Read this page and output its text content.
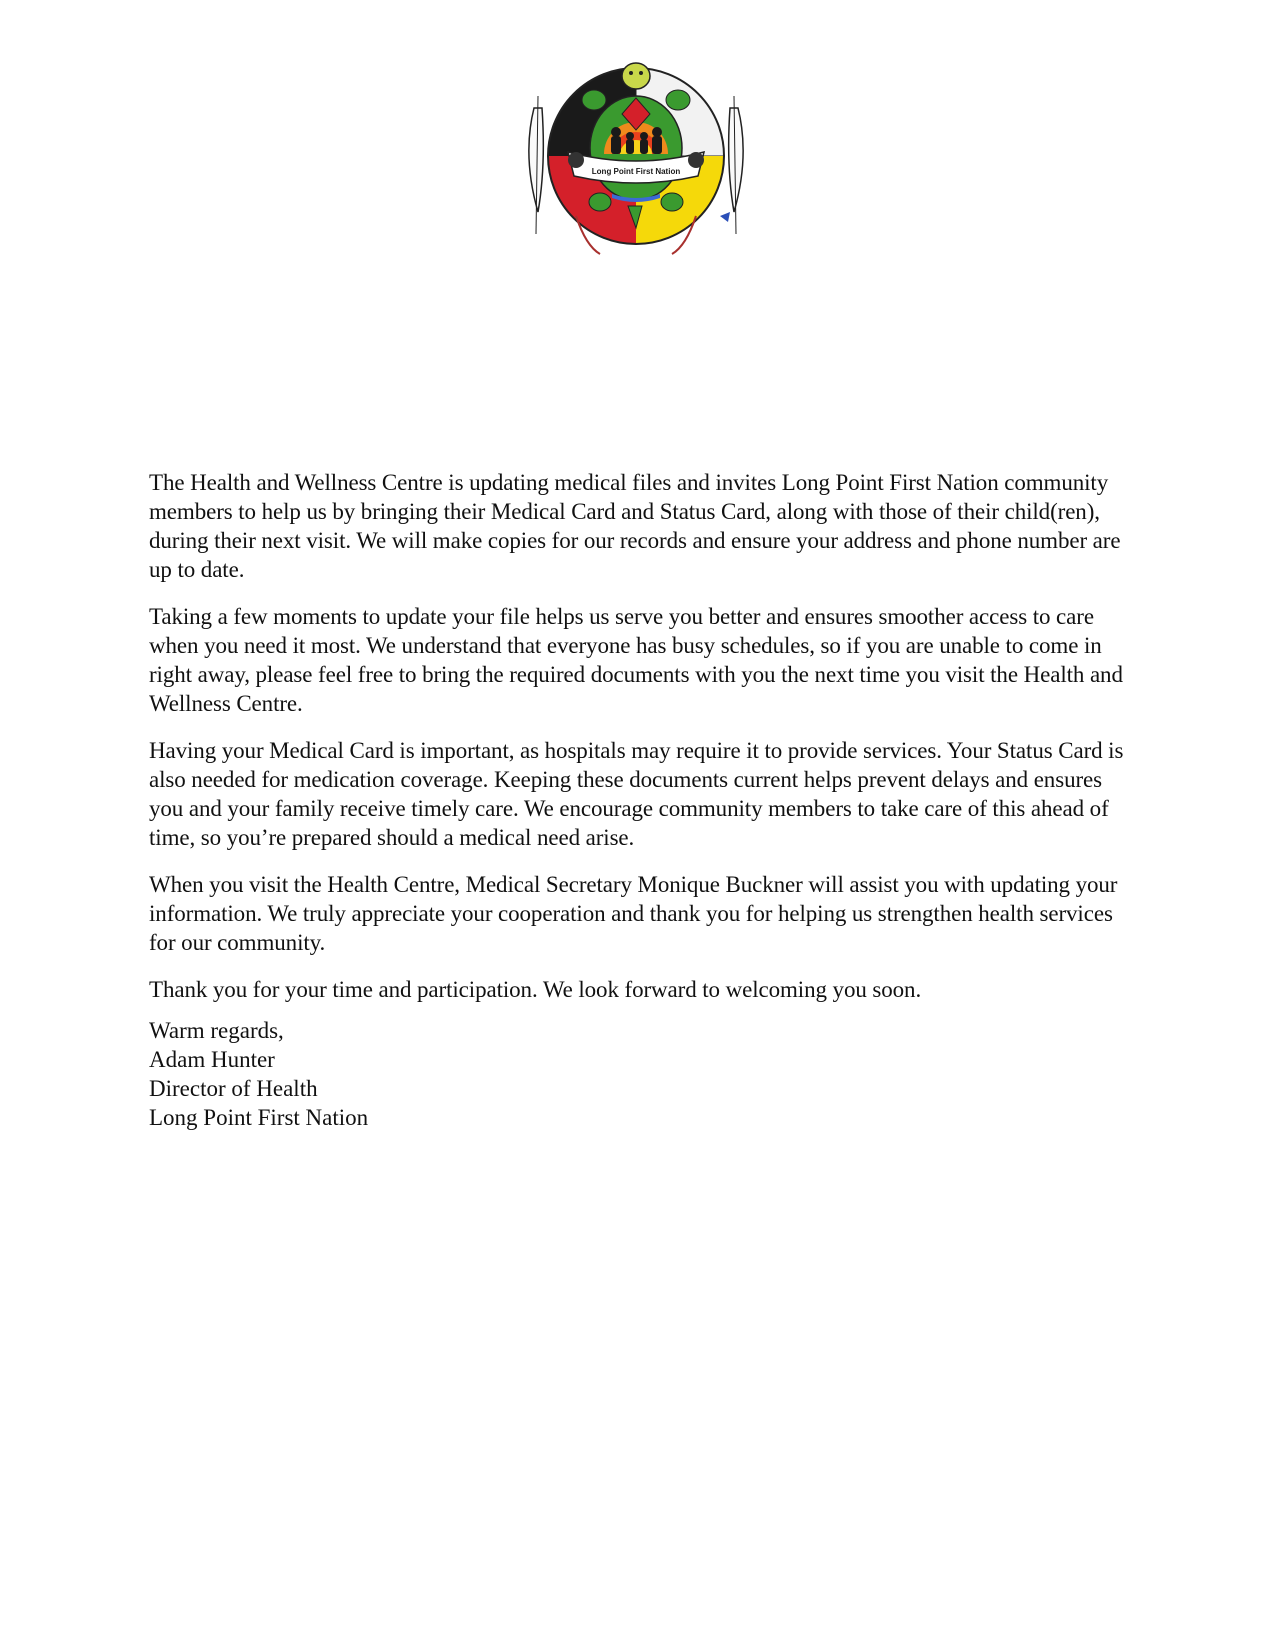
Long Point First Nation

The Health and Wellness Centre is updating medical files and invites Long Point First Nation community members to help us by bringing their Medical Card and Status Card, along with those of their child(ren), during their next visit. We will make copies for our records and ensure your address and phone number are up to date.

Taking a few moments to update your file helps us serve you better and ensures smoother access to care when you need it most. We understand that everyone has busy schedules, so if you are unable to come in right away, please feel free to bring the required documents with you the next time you visit the Health and Wellness Centre.

Having your Medical Card is important, as hospitals may require it to provide services. Your Status Card is also needed for medication coverage. Keeping these documents current helps prevent delays and ensures you and your family receive timely care. We encourage community members to take care of this ahead of time, so you’re prepared should a medical need arise.

When you visit the Health Centre, Medical Secretary Monique Buckner will assist you with updating your information. We truly appreciate your cooperation and thank you for helping us strengthen health services for our community.

Thank you for your time and participation. We look forward to welcoming you soon.

Warm regards,
Adam Hunter
Director of Health
Long Point First Nation
